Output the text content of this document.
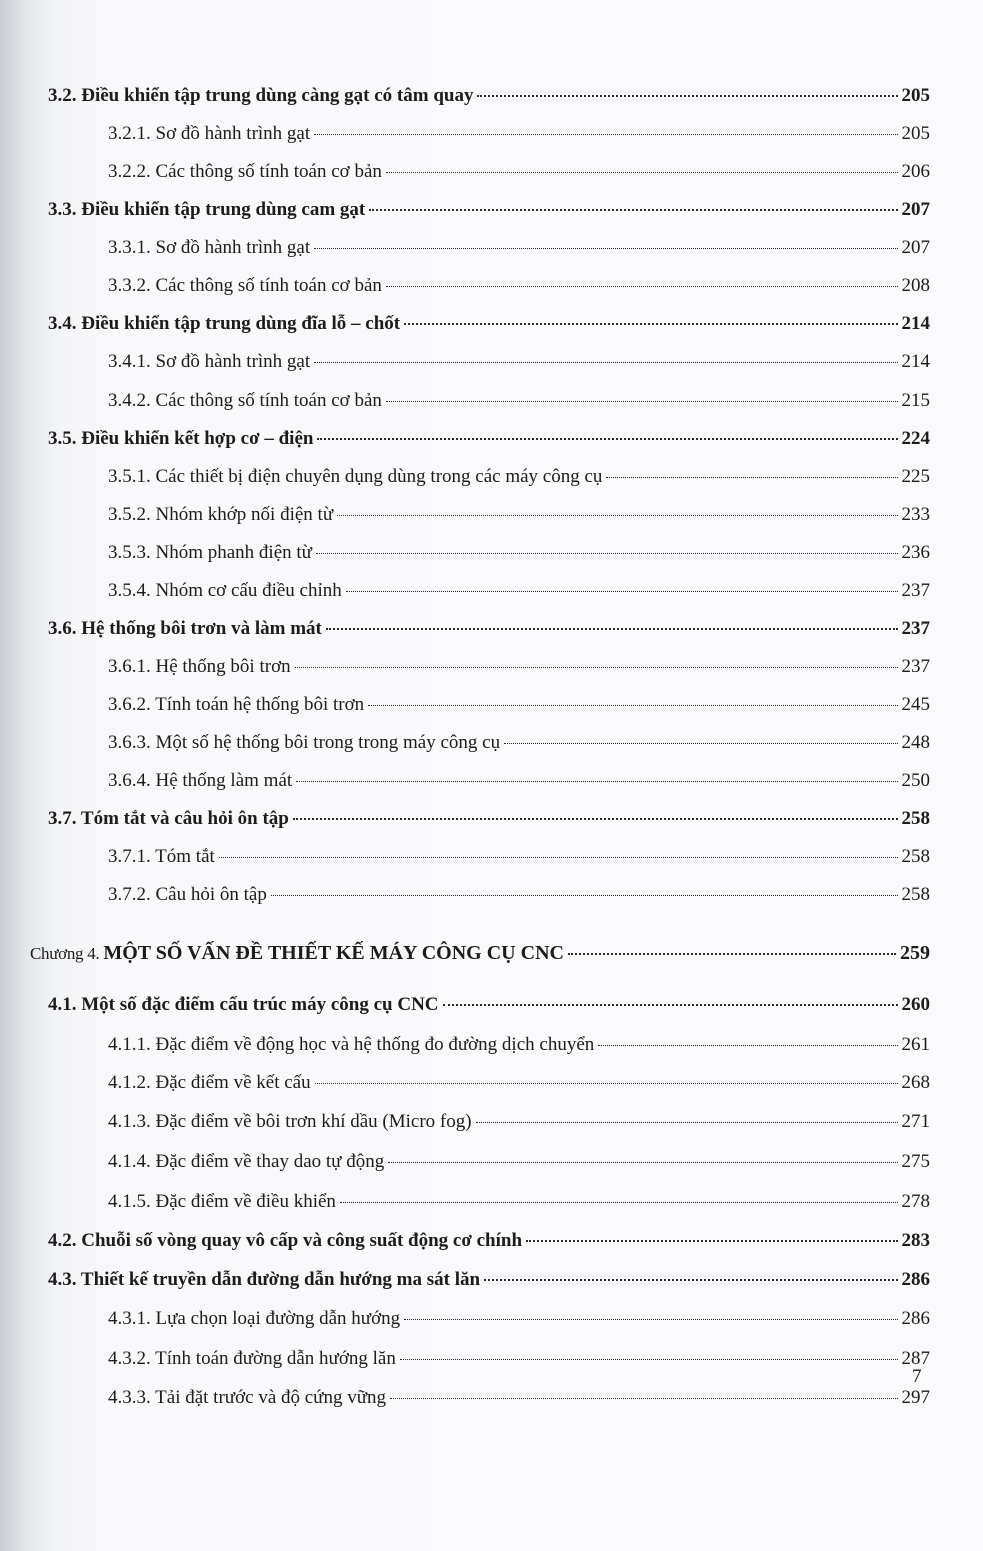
3.2. Điều khiển tập trung dùng càng gạt có tâm quay	205
3.2.1. Sơ đồ hành trình gạt	205
3.2.2. Các thông số tính toán cơ bản	206
3.3. Điều khiển tập trung dùng cam gạt	207
3.3.1. Sơ đồ hành trình gạt	207
3.3.2. Các thông số tính toán cơ bản	208
3.4. Điều khiển tập trung dùng đĩa lỗ – chốt	214
3.4.1. Sơ đồ hành trình gạt	214
3.4.2. Các thông số tính toán cơ bản	215
3.5. Điều khiển kết hợp cơ – điện	224
3.5.1. Các thiết bị điện chuyên dụng dùng trong các máy công cụ	225
3.5.2. Nhóm khớp nối điện từ	233
3.5.3. Nhóm phanh điện từ	236
3.5.4. Nhóm cơ cấu điều chỉnh	237
3.6. Hệ thống bôi trơn và làm mát	237
3.6.1. Hệ thống bôi trơn	237
3.6.2. Tính toán hệ thống bôi trơn	245
3.6.3. Một số hệ thống bôi trong trong máy công cụ	248
3.6.4. Hệ thống làm mát	250
3.7. Tóm tắt và câu hỏi ôn tập	258
3.7.1. Tóm tắt	258
3.7.2. Câu hỏi ôn tập	258
Chương 4. MỘT SỐ VẤN ĐỀ THIẾT KẾ MÁY CÔNG CỤ CNC	259
4.1. Một số đặc điểm cấu trúc máy công cụ CNC	260
4.1.1. Đặc điểm về động học và hệ thống đo đường dịch chuyển	261
4.1.2. Đặc điểm về kết cấu	268
4.1.3. Đặc điểm về bôi trơn khí dầu (Micro fog)	271
4.1.4. Đặc điểm về thay dao tự động	275
4.1.5. Đặc điểm về điều khiển	278
4.2. Chuỗi số vòng quay vô cấp và công suất động cơ chính	283
4.3. Thiết kế truyền dẫn đường dẫn hướng ma sát lăn	286
4.3.1. Lựa chọn loại đường dẫn hướng	286
4.3.2. Tính toán đường dẫn hướng lăn	287
4.3.3. Tải đặt trước và độ cứng vững	297
7
